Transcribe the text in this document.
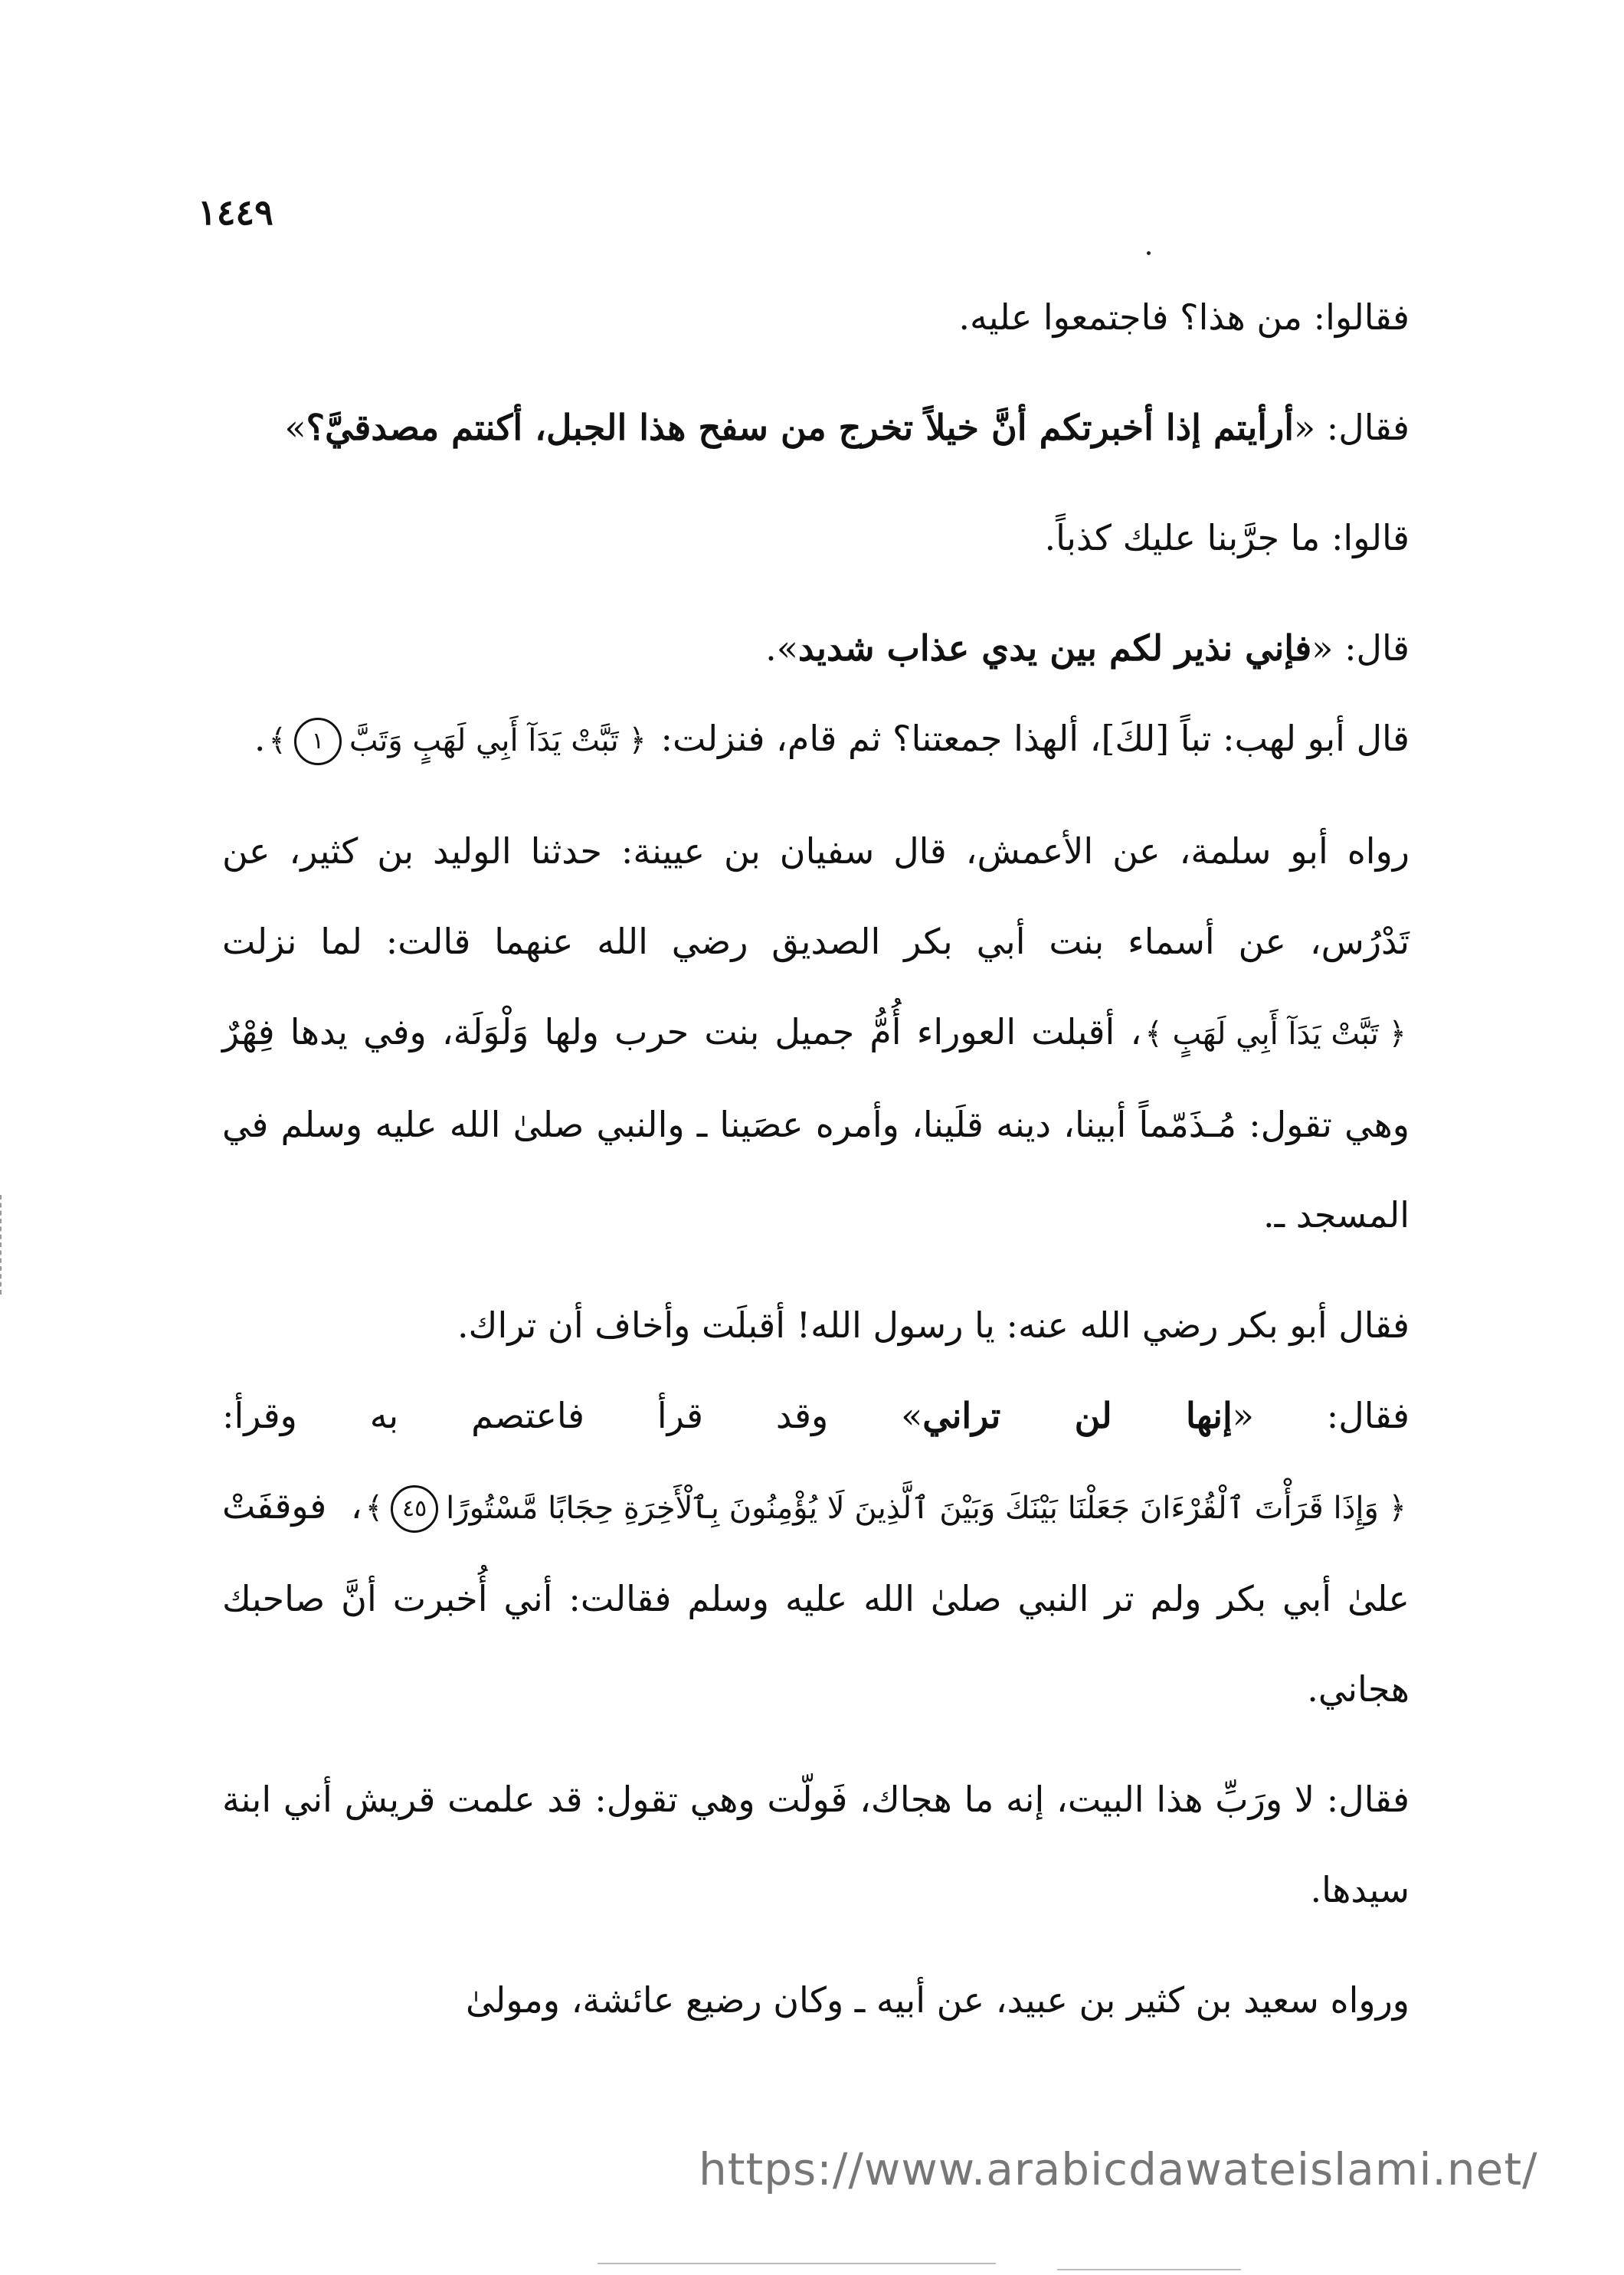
١٤٤٩

فقالوا: من هذا؟ فاجتمعوا عليه.

فقال: «أرأيتم إذا أخبرتكم أنَّ خيلاً تخرج من سفح هذا الجبل، أكنتم مصدقيَّ؟»

قالوا: ما جرَّبنا عليك كذباً.

قال: «فإني نذير لكم بين يدي عذاب شديد».

قال أبو لهب: تباً [لكَ]، ألهذا جمعتنا؟ ثم قام، فنزلت: ﴿ تَبَّتْ يَدَآ أَبِي لَهَبٍ وَتَبَّ١﴾.

رواه أبو سلمة، عن الأعمش، قال سفيان بن عيينة: حدثنا الوليد بن كثير، عن تَدْرُس، عن أسماء بنت أبي بكر الصديق رضي الله عنهما قالت: لما نزلت ﴿ تَبَّتْ يَدَآ أَبِي لَهَبٍ ﴾، أقبلت العوراء أُمُّ جميل بنت حرب ولها وَلْوَلَة، وفي يدها فِهْرٌ وهي تقول: مُـذَمّماً أبينا، دينه قلَينا، وأمره عصَينا ـ والنبي صلىٰ الله عليه وسلم في المسجد ـ.

فقال أبو بكر رضي الله عنه: يا رسول الله! أقبلَت وأخاف أن تراك.

فقال: «إنها لن تراني» وقد قرأ فاعتصم به وقرأ: ﴿ وَإِذَا قَرَأْتَ ٱلْقُرْءَانَ جَعَلْنَا بَيْنَكَ وَبَيْنَ ٱلَّذِينَ لَا يُؤْمِنُونَ بِٱلْأَخِرَةِ حِجَابًا مَّسْتُورًا٤٥﴾، فوقفَتْ علىٰ أبي بكر ولم تر النبي صلىٰ الله عليه وسلم فقالت: أني أُخبرت أنَّ صاحبك هجاني.

فقال: لا ورَبِّ هذا البيت، إنه ما هجاك، فَولّت وهي تقول: قد علمت قريش أني ابنة سيدها.

ورواه سعيد بن كثير بن عبيد، عن أبيه ـ وكان رضيع عائشة، ومولىٰ

https://www.arabicdawateislami.net/
